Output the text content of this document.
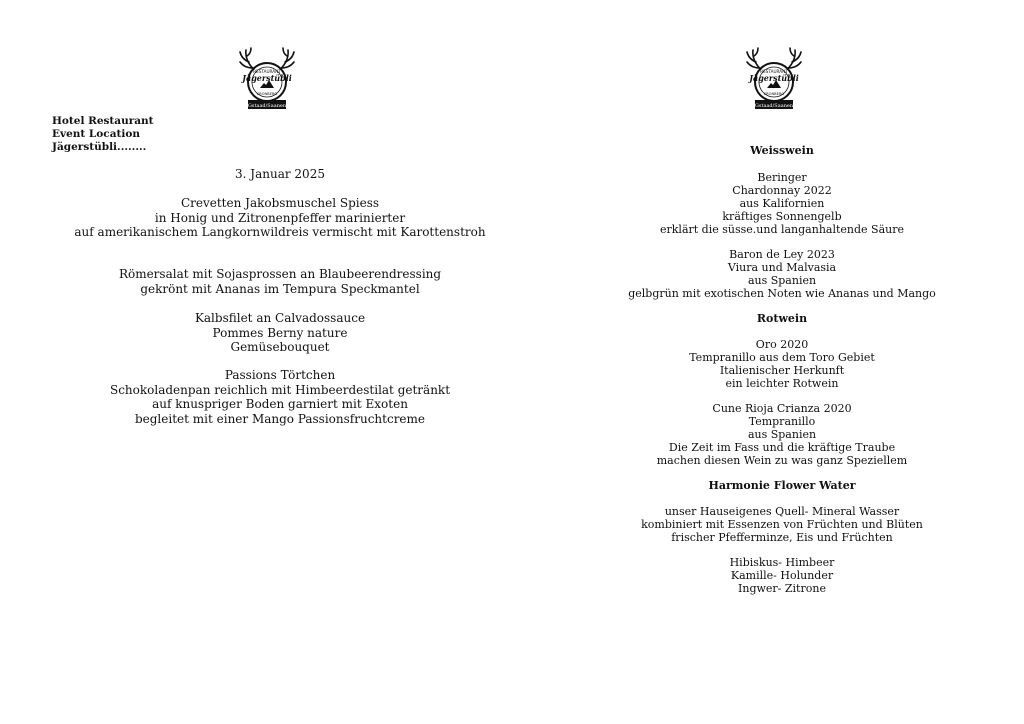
RESTAURANT
Jägerstübli
KRONBERG
Gstaad/Saanen
Hotel Restaurant
Event Location
Jägerstübli........
3. Januar 2025
Crevetten Jakobsmuschel Spiess
in Honig und Zitronenpfeffer marinierter
auf amerikanischem Langkornwildreis vermischt mit Karottenstroh
Römersalat mit Sojasprossen an Blaubeerendressing
gekrönt mit Ananas im Tempura Speckmantel
Kalbsfilet an Calvadossauce
Pommes Berny nature
Gemüsebouquet
Passions Törtchen
Schokoladenpan reichlich mit Himbeerdestilat getränkt
auf knuspriger Boden garniert mit Exoten
begleitet mit einer Mango Passionsfruchtcreme
RESTAURANT
Jägerstübli
KRONBERG
Gstaad/Saanen
Weisswein
Beringer
Chardonnay 2022
aus Kalifornien
kräftiges Sonnengelb
erklärt die süsse.und langanhaltende Säure
Baron de Ley 2023
Viura und Malvasia
aus Spanien
gelbgrün mit exotischen Noten wie Ananas und Mango
Rotwein
Oro 2020
Tempranillo aus dem Toro Gebiet
Italienischer Herkunft
ein leichter Rotwein
Cune Rioja Crianza 2020
Tempranillo
aus Spanien
Die Zeit im Fass und die kräftige Traube
machen diesen Wein zu was ganz Speziellem
Harmonie Flower Water
unser Hauseigenes Quell- Mineral Wasser
kombiniert mit Essenzen von Früchten und Blüten
frischer Pfefferminze, Eis und Früchten
Hibiskus- Himbeer
Kamille- Holunder
Ingwer- Zitrone
